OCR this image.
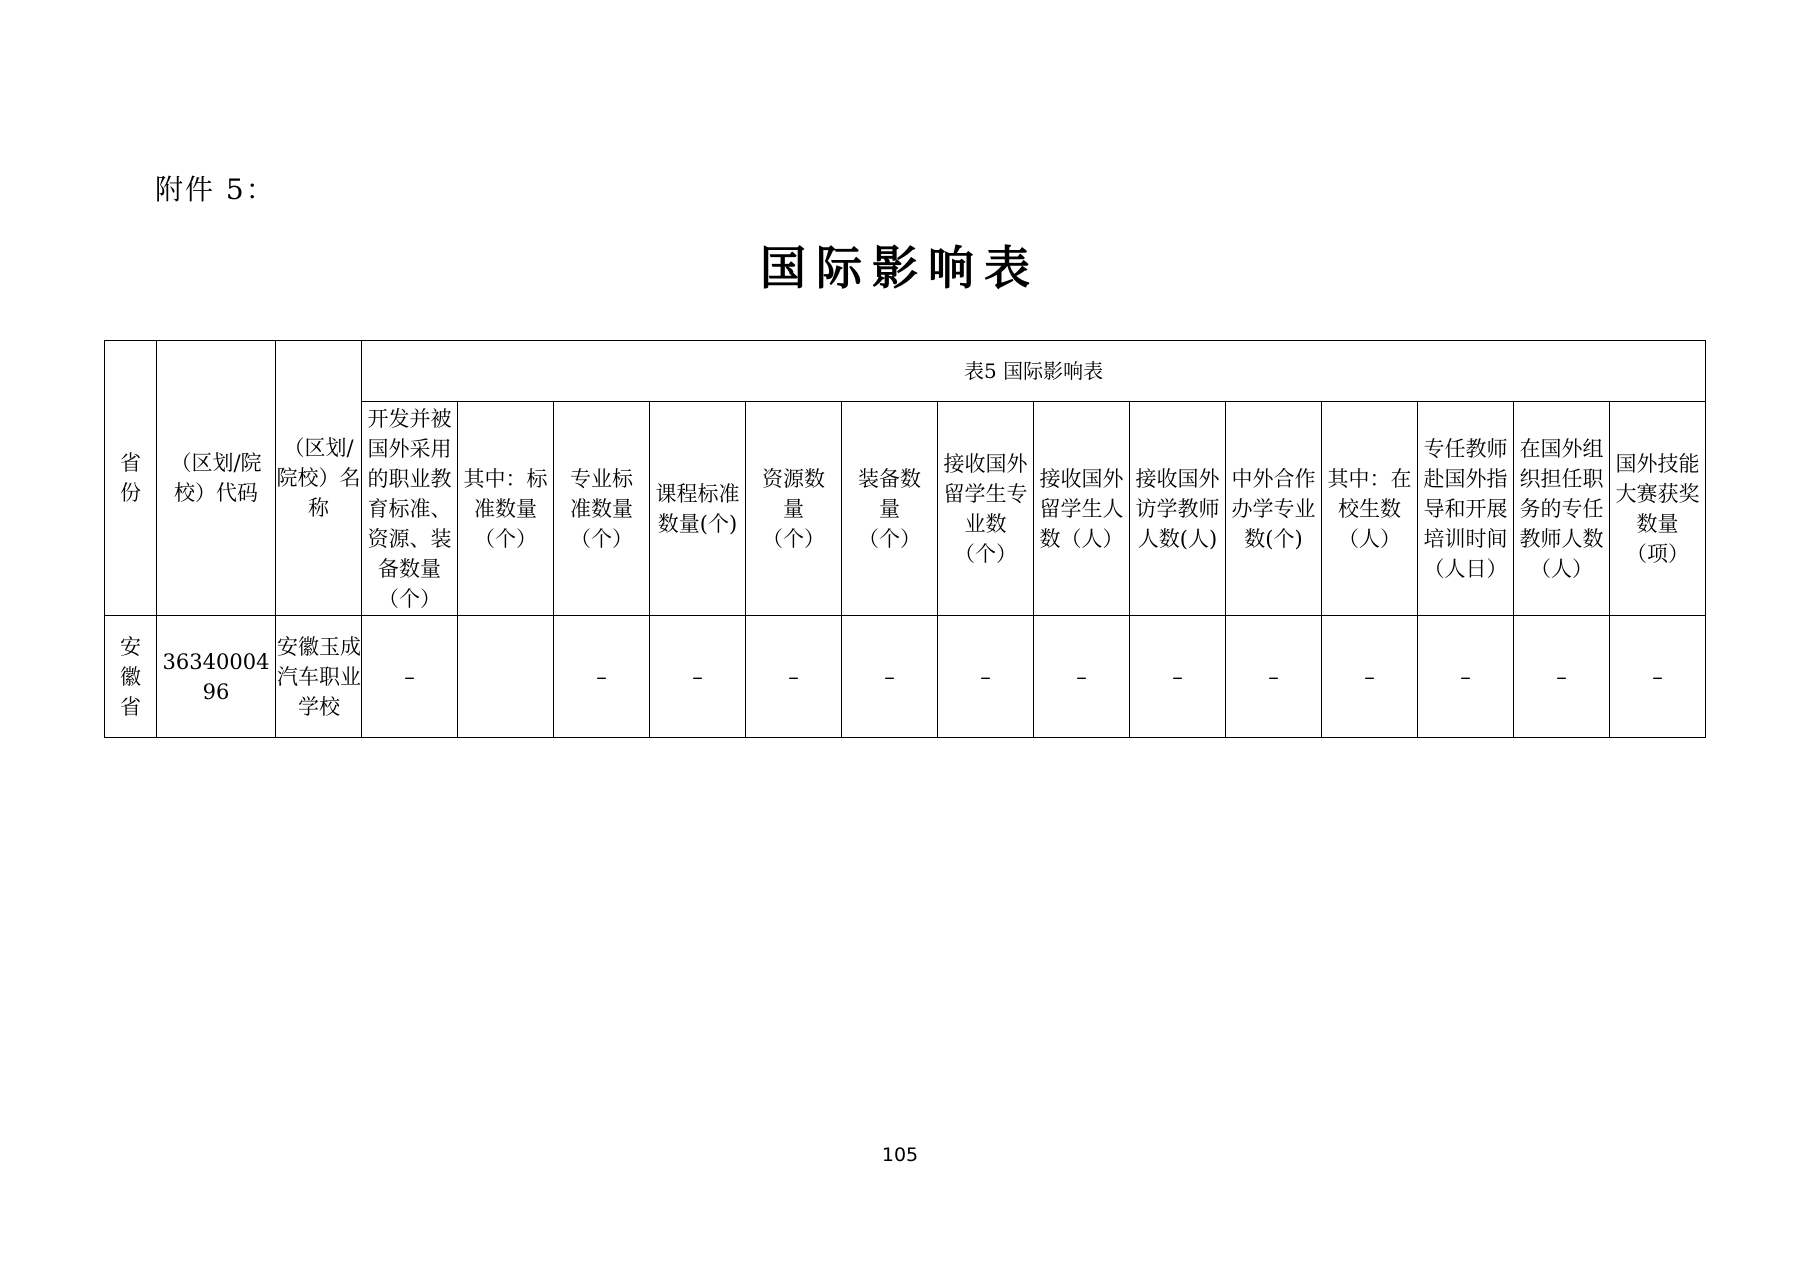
附件 5：
国际影响表
省份	（区划/院校）代码	（区划/院校）名称	表5 国际影响表													

			开发并被国外采用的职业教育标准、资源、装备数量（个）	其中：标准数量（个）	专业标准数量（个）	课程标准数量(个)	资源数量（个）	装备数量（个）	接收国外留学生专业数（个）	接收国外留学生人数（人）	接收国外访学教师人数(人)	中外合作办学专业数(个)	其中：在校生数（人）	专任教师赴国外指导和开展培训时间（人日）	在国外组织担任职务的专任教师人数（人）	国外技能大赛获奖数量（项）

安徽省	3634000496	安徽玉成汽车职业学校	–		–	–	–	–	–	–	–	–	–	–	–	–
105
